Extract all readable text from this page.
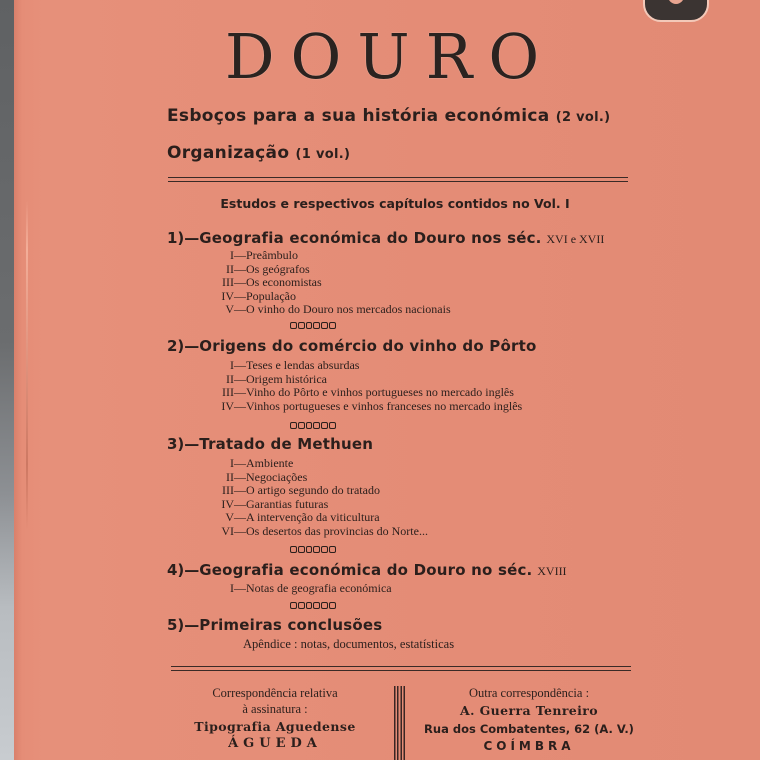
DOURO
Esboços para a sua história económica (2 vol.)
Organização (1 vol.)
Estudos e respectivos capítulos contidos no Vol. I
1)—Geografia económica do Douro nos séc. XVI e XVII
I—Preâmbulo
II—Os geógrafos
III—Os economistas
IV—População
V—O vinho do Douro nos mercados nacionais
2)—Origens do comércio do vinho do Pôrto
I—Teses e lendas absurdas
II—Origem histórica
III—Vinho do Pôrto e vinhos portugueses no mercado inglês
IV—Vinhos portugueses e vinhos franceses no mercado inglês
3)—Tratado de Methuen
I—Ambiente
II—Negociações
III—O artigo segundo do tratado
IV—Garantias futuras
V—A intervenção da viticultura
VI—Os desertos das provincias do Norte...
4)—Geografia económica do Douro no séc. XVIII
I—Notas de geografia económica
5)—Primeiras conclusões
Apêndice : notas, documentos, estatísticas
Correspondência relativa
à assinatura :
Tipografia Aguedense
ÁGUEDA
Outra correspondência :
A. Guerra Tenreiro
Rua dos Combatentes, 62 (A. V.)
COÍMBRA
